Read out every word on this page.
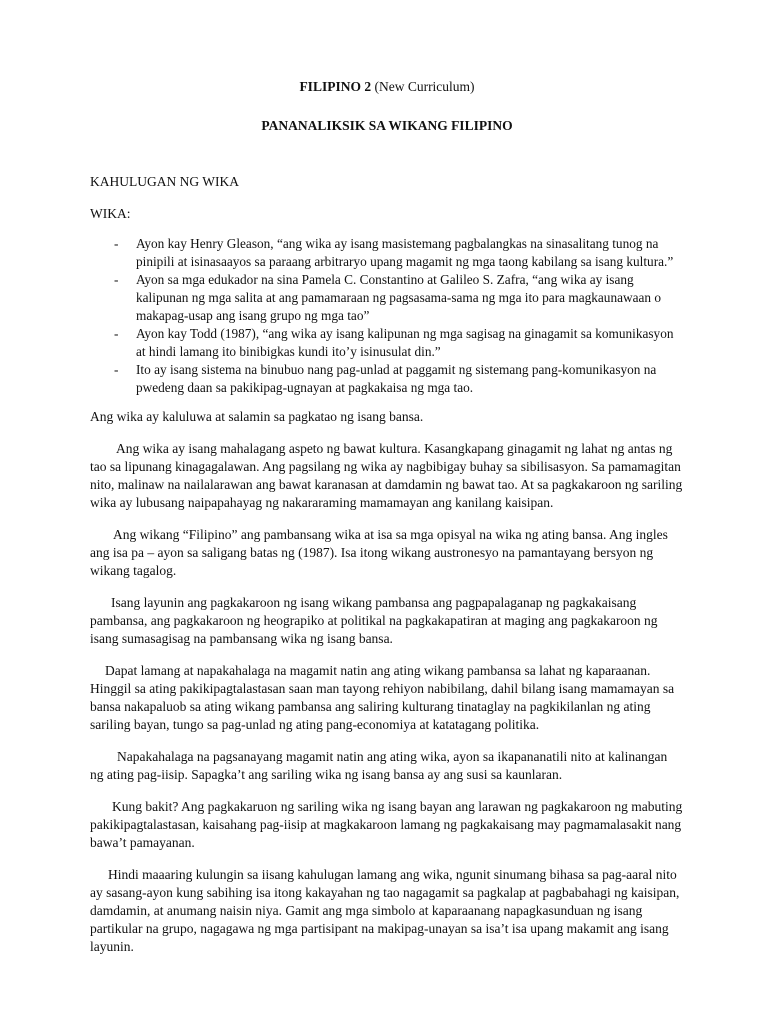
FILIPINO 2 (New Curriculum)

PANANALIKSIK SA WIKANG FILIPINO

KAHULUGAN NG WIKA

WIKA:

- Ayon kay Henry Gleason, “ang wika ay isang masistemang pagbalangkas na sinasalitang tunog na pinipili at isinasaayos sa paraang arbitraryo upang magamit ng mga taong kabilang sa isang kultura.”
- Ayon sa mga edukador na sina Pamela C. Constantino at Galileo S. Zafra, “ang wika ay isang kalipunan ng mga salita at ang pamamaraan ng pagsasama-sama ng mga ito para magkaunawaan o makapag-usap ang isang grupo ng mga tao”
- Ayon kay Todd (1987), “ang wika ay isang kalipunan ng mga sagisag na ginagamit sa komunikasyon at hindi lamang ito binibigkas kundi ito’y isinusulat din.”
- Ito ay isang sistema na binubuo nang pag-unlad at paggamit ng sistemang pang-komunikasyon na pwedeng daan sa pakikipag-ugnayan at pagkakaisa ng mga tao.

Ang wika ay kaluluwa at salamin sa pagkatao ng isang bansa.

Ang wika ay isang mahalagang aspeto ng bawat kultura. Kasangkapang ginagamit ng lahat ng antas ng tao sa lipunang kinagagalawan. Ang pagsilang ng wika ay nagbibigay buhay sa sibilisasyon. Sa pamamagitan nito, malinaw na nailalarawan ang bawat karanasan at damdamin ng bawat tao. At sa pagkakaroon ng sariling wika ay lubusang naipapahayag ng nakararaming mamamayan ang kanilang kaisipan.

Ang wikang “Filipino” ang pambansang wika at isa sa mga opisyal na wika ng ating bansa. Ang ingles ang isa pa – ayon sa saligang batas ng (1987). Isa itong wikang austronesyo na pamantayang bersyon ng wikang tagalog.

Isang layunin ang pagkakaroon ng isang wikang pambansa ang pagpapalaganap ng pagkakaisang pambansa, ang pagkakaroon ng heograpiko at politikal na pagkakapatiran at maging ang pagkakaroon ng isang sumasagisag na pambansang wika ng isang bansa.

Dapat lamang at napakahalaga na magamit natin ang ating wikang pambansa sa lahat ng kaparaanan. Hinggil sa ating pakikipagtalastasan saan man tayong rehiyon nabibilang, dahil bilang isang mamamayan sa bansa nakapaluob sa ating wikang pambansa ang saliring kulturang tinataglay na pagkikilanlan ng ating sariling bayan, tungo sa pag-unlad ng ating pang-economiya at katatagang politika.

Napakahalaga na pagsanayang magamit natin ang ating wika, ayon sa ikapananatili nito at kalinangan ng ating pag-iisip. Sapagka’t ang sariling wika ng isang bansa ay ang susi sa kaunlaran.

Kung bakit? Ang pagkakaruon ng sariling wika ng isang bayan ang larawan ng pagkakaroon ng mabuting pakikipagtalastasan, kaisahang pag-iisip at magkakaroon lamang ng pagkakaisang may pagmamalasakit nang bawa’t pamayanan.

Hindi maaaring kulungin sa iisang kahulugan lamang ang wika, ngunit sinumang bihasa sa pag-aaral nito ay sasang-ayon kung sabihing isa itong kakayahan ng tao nagagamit sa pagkalap at pagbabahagi ng kaisipan, damdamin, at anumang naisin niya. Gamit ang mga simbolo at kaparaanang napagkasunduan ng isang partikular na grupo, nagagawa ng mga partisipant na makipag-unayan sa isa’t isa upang makamit ang isang layunin.
